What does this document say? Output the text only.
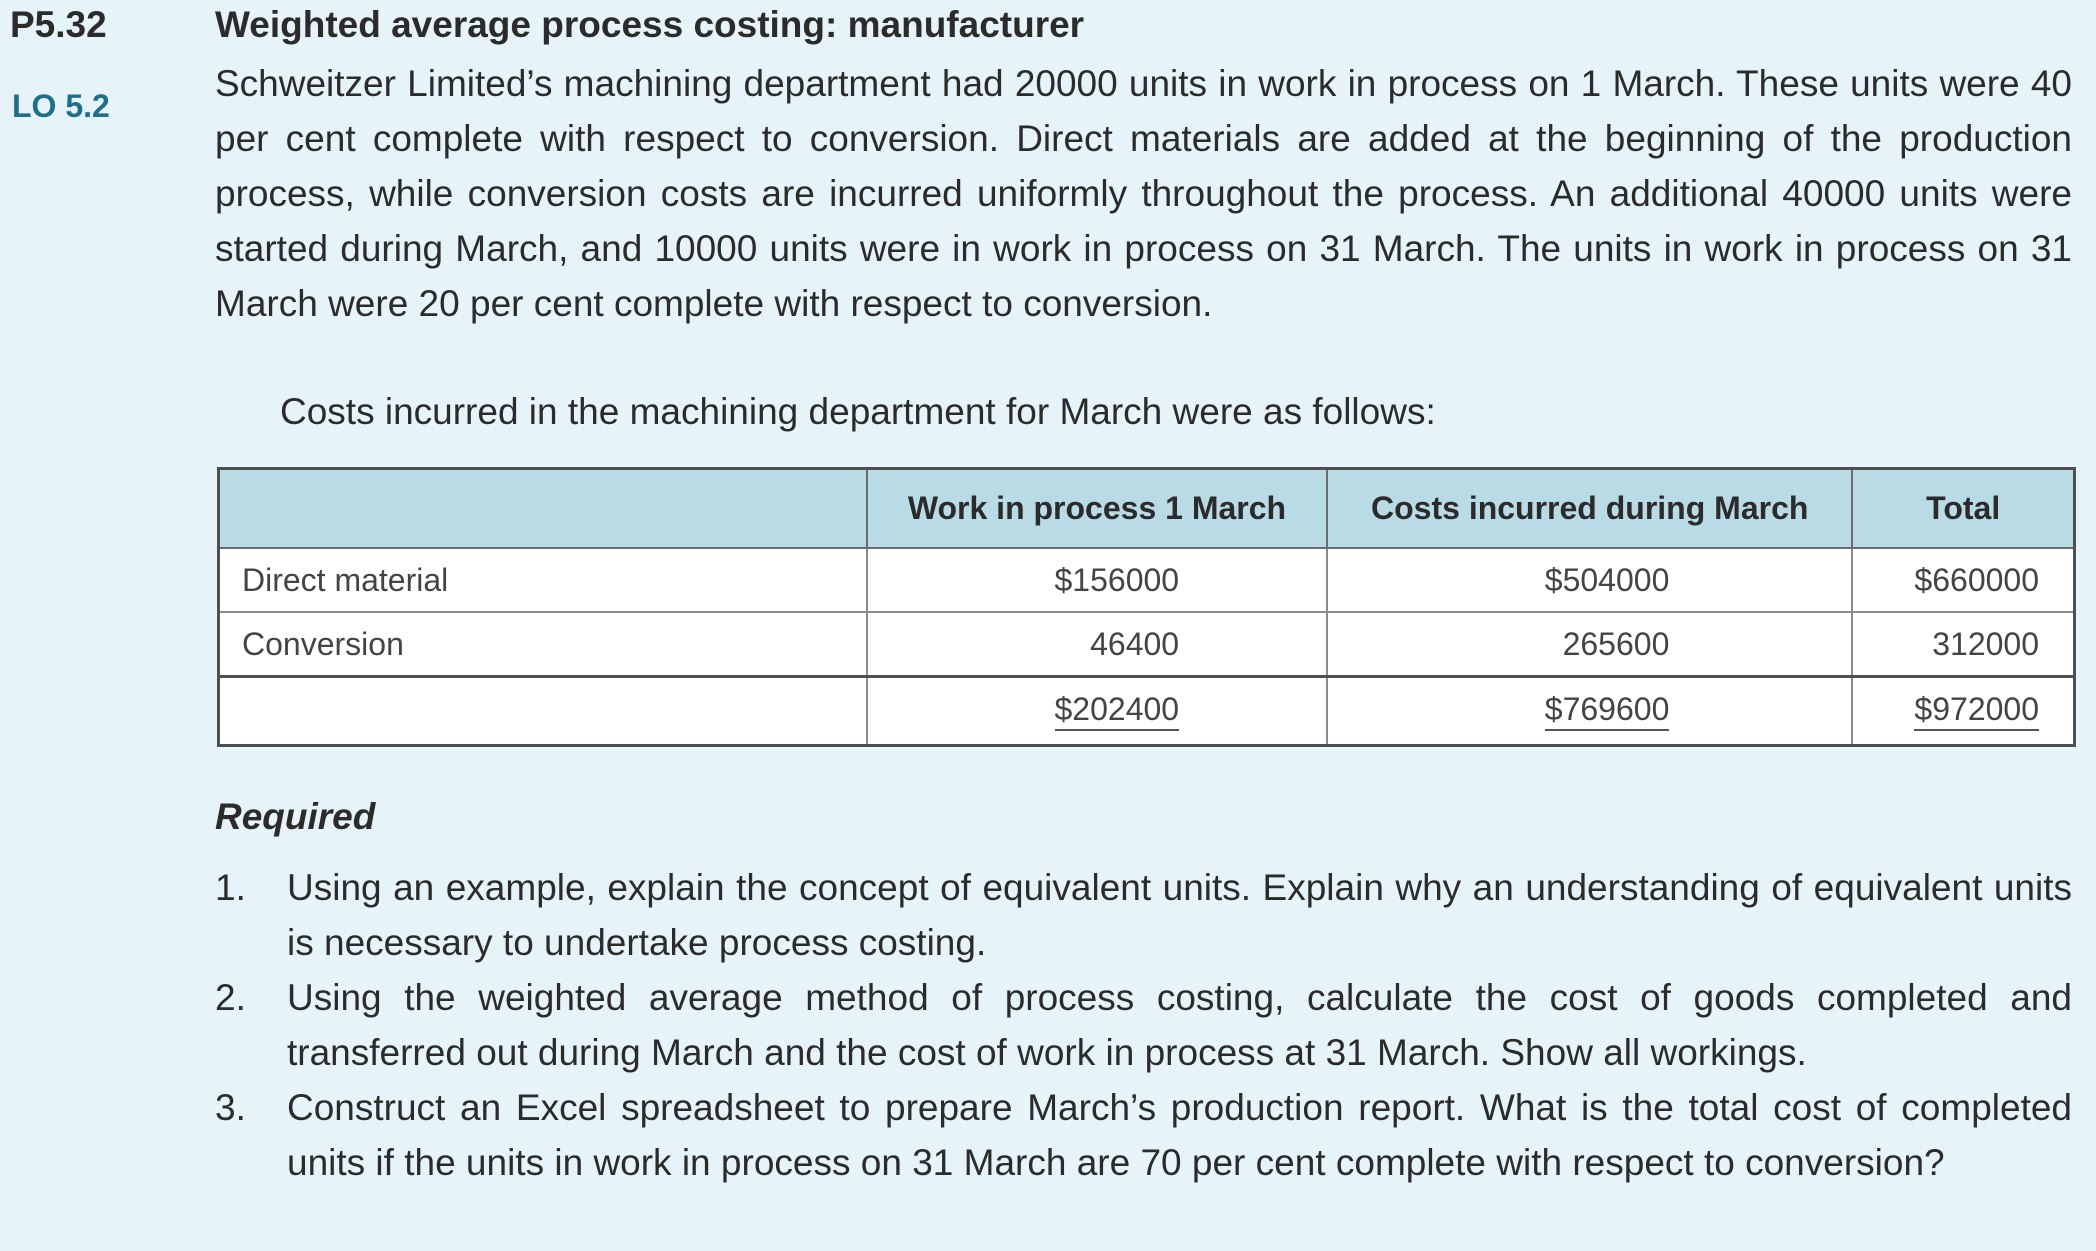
P5.32
LO 5.2
Weighted average process costing: manufacturer

Schweitzer Limited’s machining department had 20000 units in work in process on 1 March. These units were 40 per cent complete with respect to conversion. Direct materials are added at the beginning of the production process, while conversion costs are incurred uniformly throughout the process. An additional 40000 units were started during March, and 10000 units were in work in process on 31 March. The units in work in process on 31 March were 20 per cent complete with respect to conversion.

Costs incurred in the machining department for March were as follows:

	Work in process 1 March	Costs incurred during March	Total
Direct material	$156000	$504000	$660000
Conversion	46400	265600	312000
	$202400	$769600	$972000
Required
1. Using an example, explain the concept of equivalent units. Explain why an understanding of equivalent units is necessary to undertake process costing.
2. Using the weighted average method of process costing, calculate the cost of goods completed and transferred out during March and the cost of work in process at 31 March. Show all workings.
3. Construct an Excel spreadsheet to prepare March’s production report. What is the total cost of completed units if the units in work in process on 31 March are 70 per cent complete with respect to conversion?
